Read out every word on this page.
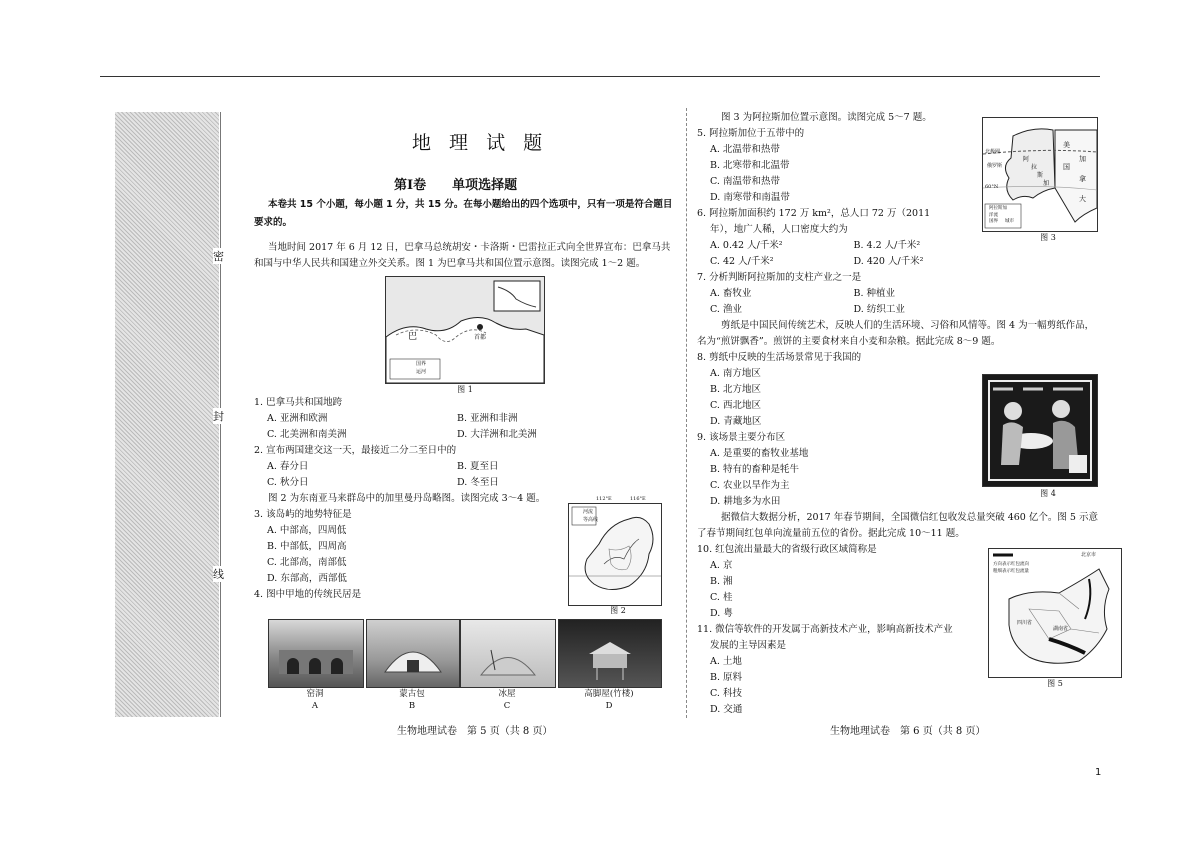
密
封
线
地 理 试 题
第Ⅰ卷　　单项选择题

本卷共 15 个小题，每小题 1 分，共 15 分。在每小题给出的四个选项中，只有一项是符合题目要求的。

当地时间 2017 年 6 月 12 日，巴拿马总统胡安・卡洛斯・巴雷拉正式向全世界宣布：巴拿马共和国与中华人民共和国建立外交关系。图 1 为巴拿马共和国位置示意图。读图完成 1～2 题。

巴
国界
运河
首都
图 1

1. 巴拿马共和国地跨

A. 亚洲和欧洲	B. 亚洲和非洲
C. 北美洲和南美洲	D. 大洋洲和北美洲

2. 宣布两国建交这一天，最接近二分二至日中的

A. 春分日	B. 夏至日
C. 秋分日	D. 冬至日

图 2 为东南亚马来群岛中的加里曼丹岛略图。读图完成 3～4 题。

3. 该岛屿的地势特征是

A. 中部高，四周低

B. 中部低，四周高

C. 北部高，南部低

D. 东部高，西部低

4. 图中甲地的传统民居是

河流
等高线
112°E	116°E
图 2
窑洞
A
蒙古包
B
冰屋
C
高脚屋(竹楼)
D
生物地理试卷　第 5 页（共 8 页）

图 3 为阿拉斯加位置示意图。读图完成 5～7 题。

5. 阿拉斯加位于五带中的

A. 北温带和热带

B. 北寒带和北温带

C. 南温带和热带

D. 南寒带和南温带

6. 阿拉斯加面积约 172 万 km²，总人口 72 万（2011

年），地广人稀，人口密度大约为

A. 0.42 人/千米²	B. 4.2 人/千米²
C. 42 人/千米²	D. 420 人/千米²

7. 分析判断阿拉斯加的支柱产业之一是

A. 畜牧业	B. 种植业
C. 渔业	D. 纺织工业
美
国
加
拿
大
阿
拉
斯
加
北极圈
俄罗斯
60°N
阿拉斯加
洋流
国界 城市
图 3

剪纸是中国民间传统艺术，反映人们的生活环境、习俗和风情等。图 4 为一幅剪纸作品，名为“煎饼飘香”。煎饼的主要食材来自小麦和杂粮。据此完成 8～9 题。

8. 剪纸中反映的生活场景常见于我国的

A. 南方地区

B. 北方地区

C. 西北地区

D. 青藏地区

9. 该场景主要分布区

A. 是重要的畜牧业基地

B. 特有的畜种是牦牛

C. 农业以旱作为主

D. 耕地多为水田

图 4

据微信大数据分析，2017 年春节期间，全国微信红包收发总量突破 460 亿个。图 5 示意了春节期间红包单向流量前五位的省份。据此完成 10～11 题。

10. 红包流出量最大的省级行政区域简称是

A. 京

B. 湘

C. 桂

D. 粤

11. 微信等软件的开发属于高新技术产业，影响高新技术产业

发展的主导因素是

A. 土地

B. 原料

C. 科技

D. 交通

北京市
方向表示红包流向
粗细表示红包流量
四川省
湖南省
图 5
生物地理试卷　第 6 页（共 8 页）
1
